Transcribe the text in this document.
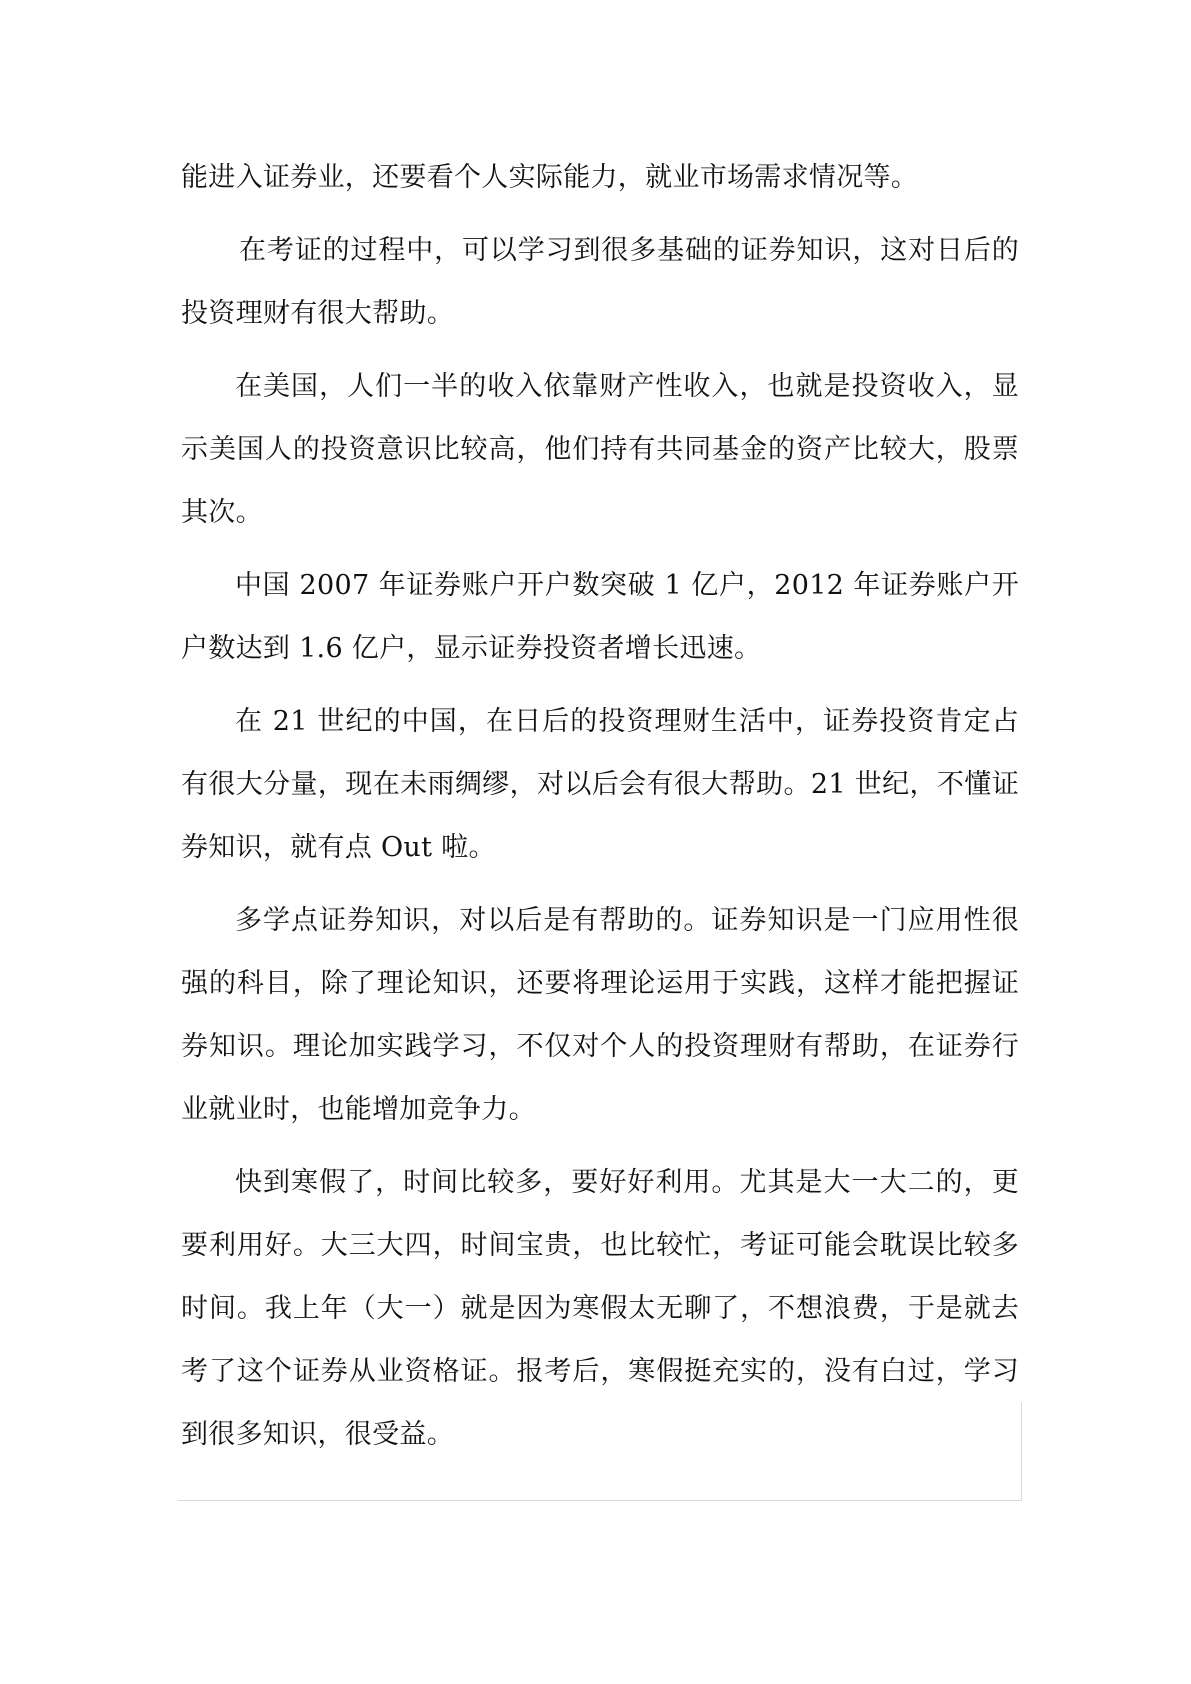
能进入证券业，还要看个人实际能力，就业市场需求情况等。

在考证的过程中，可以学习到很多基础的证券知识，这对日后的投资理财有很大帮助。

在美国，人们一半的收入依靠财产性收入，也就是投资收入，显示美国人的投资意识比较高，他们持有共同基金的资产比较大，股票其次。

中国 2007 年证券账户开户数突破 1 亿户，2012 年证券账户开户数达到 1.6 亿户，显示证券投资者增长迅速。

在 21 世纪的中国，在日后的投资理财生活中，证券投资肯定占有很大分量，现在未雨绸缪，对以后会有很大帮助。21 世纪，不懂证券知识，就有点 Out 啦。

多学点证券知识，对以后是有帮助的。证券知识是一门应用性很强的科目，除了理论知识，还要将理论运用于实践，这样才能把握证券知识。理论加实践学习，不仅对个人的投资理财有帮助，在证券行业就业时，也能增加竞争力。

快到寒假了，时间比较多，要好好利用。尤其是大一大二的，更要利用好。大三大四，时间宝贵，也比较忙，考证可能会耽误比较多时间。我上年（大一）就是因为寒假太无聊了，不想浪费，于是就去考了这个证券从业资格证。报考后，寒假挺充实的，没有白过，学习到很多知识，很受益。
